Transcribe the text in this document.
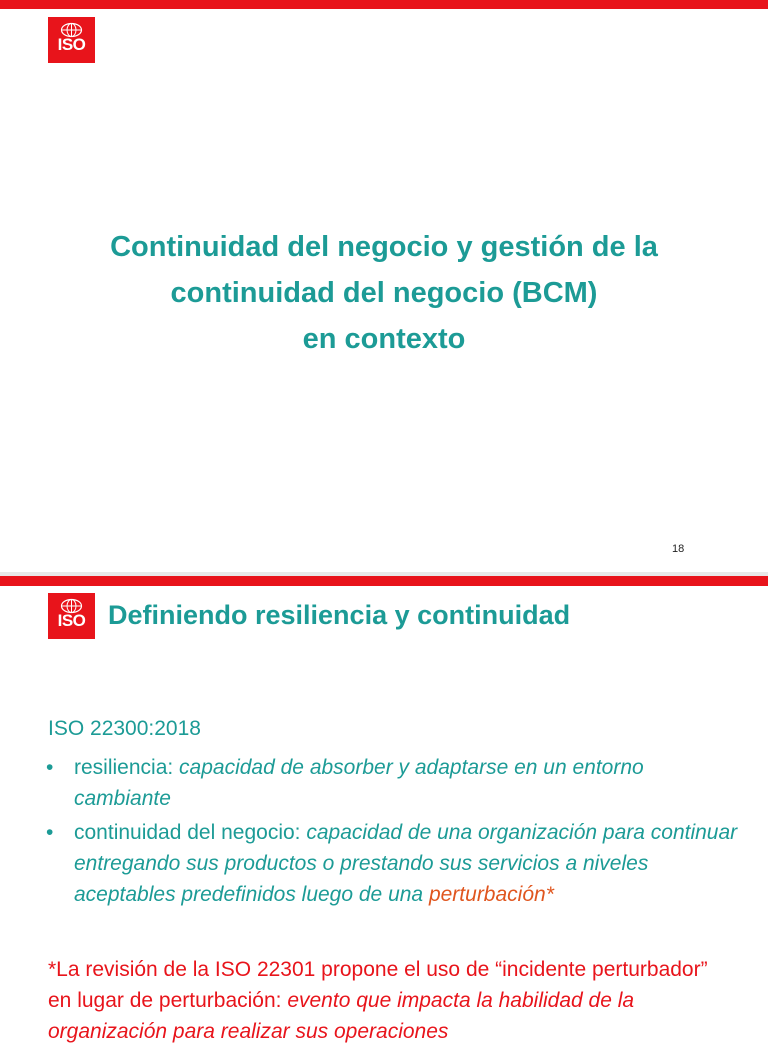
ISO
Continuidad del negocio y gestión de la
continuidad del negocio (BCM)
en contexto
18
ISO Definiendo resiliencia y continuidad
ISO 22300:2018
• resiliencia: capacidad de absorber y adaptarse en un entorno cambiante
• continuidad del negocio: capacidad de una organización para continuar entregando sus productos o prestando sus servicios a niveles aceptables predefinidos luego de una perturbación*
*La revisión de la ISO 22301 propone el uso de “incidente perturbador” en lugar de perturbación: evento que impacta la habilidad de la organización para realizar sus operaciones
